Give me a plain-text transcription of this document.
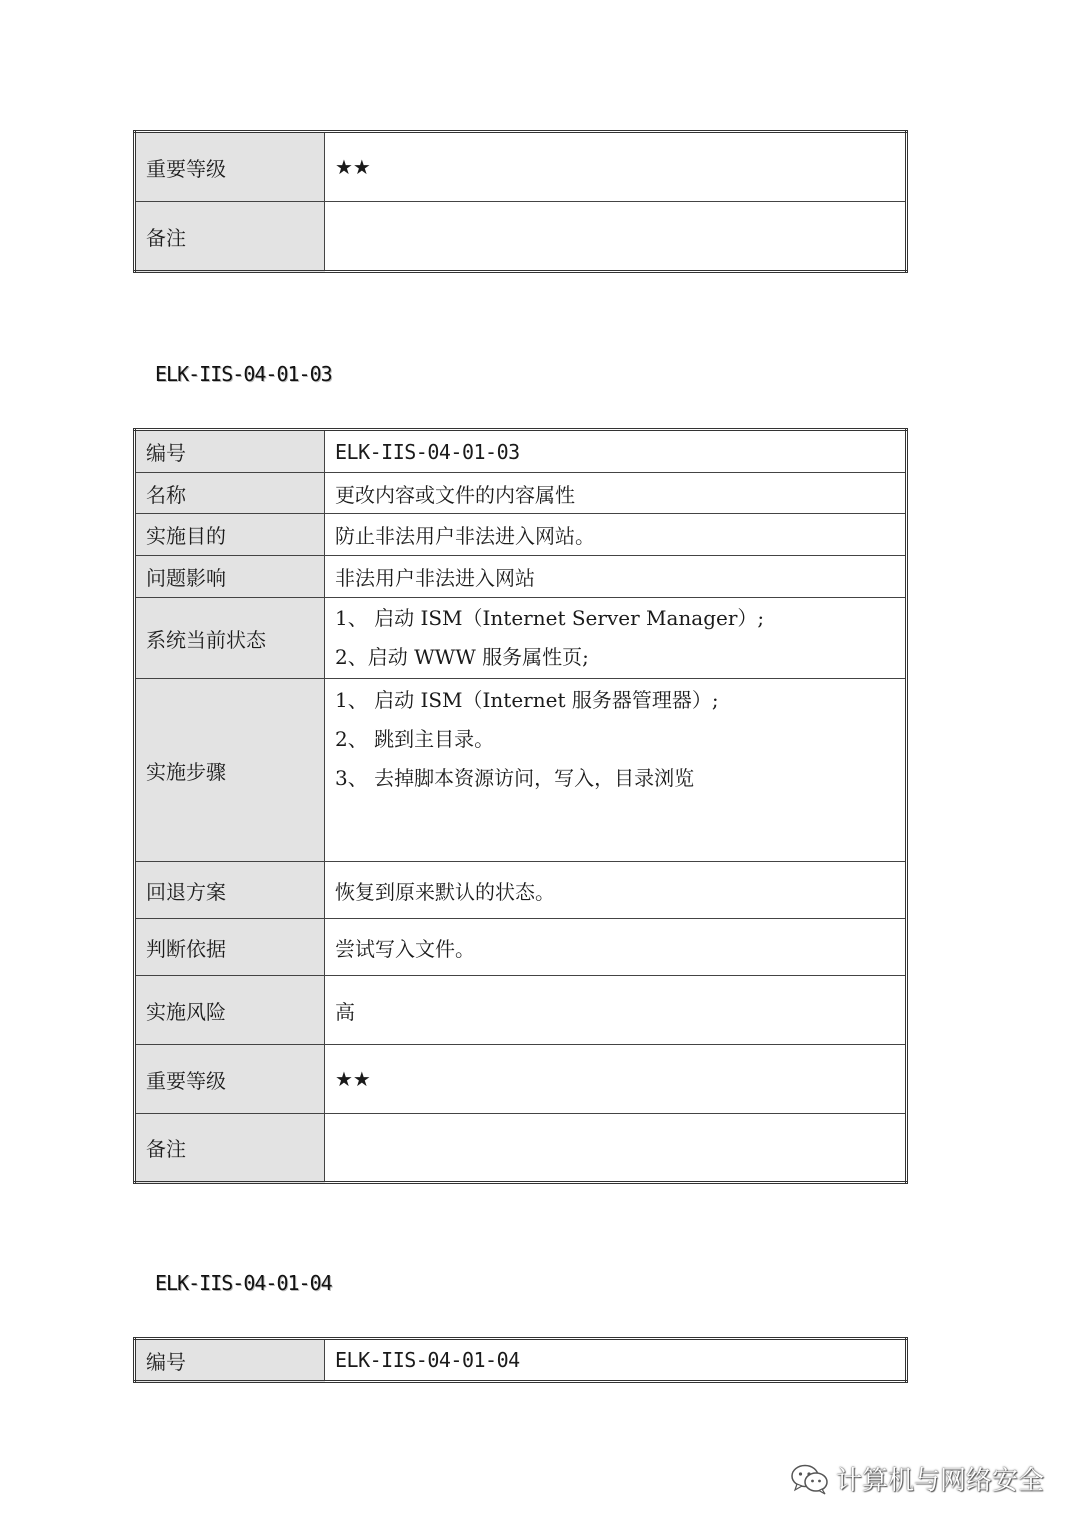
重要等级	★★
备注	
ELK-IIS-04-01-03
编号	ELK-IIS-04-01-03
名称	更改内容或文件的内容属性
实施目的	防止非法用户非法进入网站。
问题影响	非法用户非法进入网站
系统当前状态	1、 启动 ISM（Internet Server Manager）;

2、启动 WWW 服务属性页;

实施步骤	1、 启动 ISM（Internet 服务器管理器）;

2、 跳到主目录。

3、 去掉脚本资源访问，写入，目录浏览

回退方案	恢复到原来默认的状态。
判断依据	尝试写入文件。
实施风险	高
重要等级	★★
备注	
ELK-IIS-04-01-04
编号	ELK-IIS-04-01-04
计算机与网络安全
